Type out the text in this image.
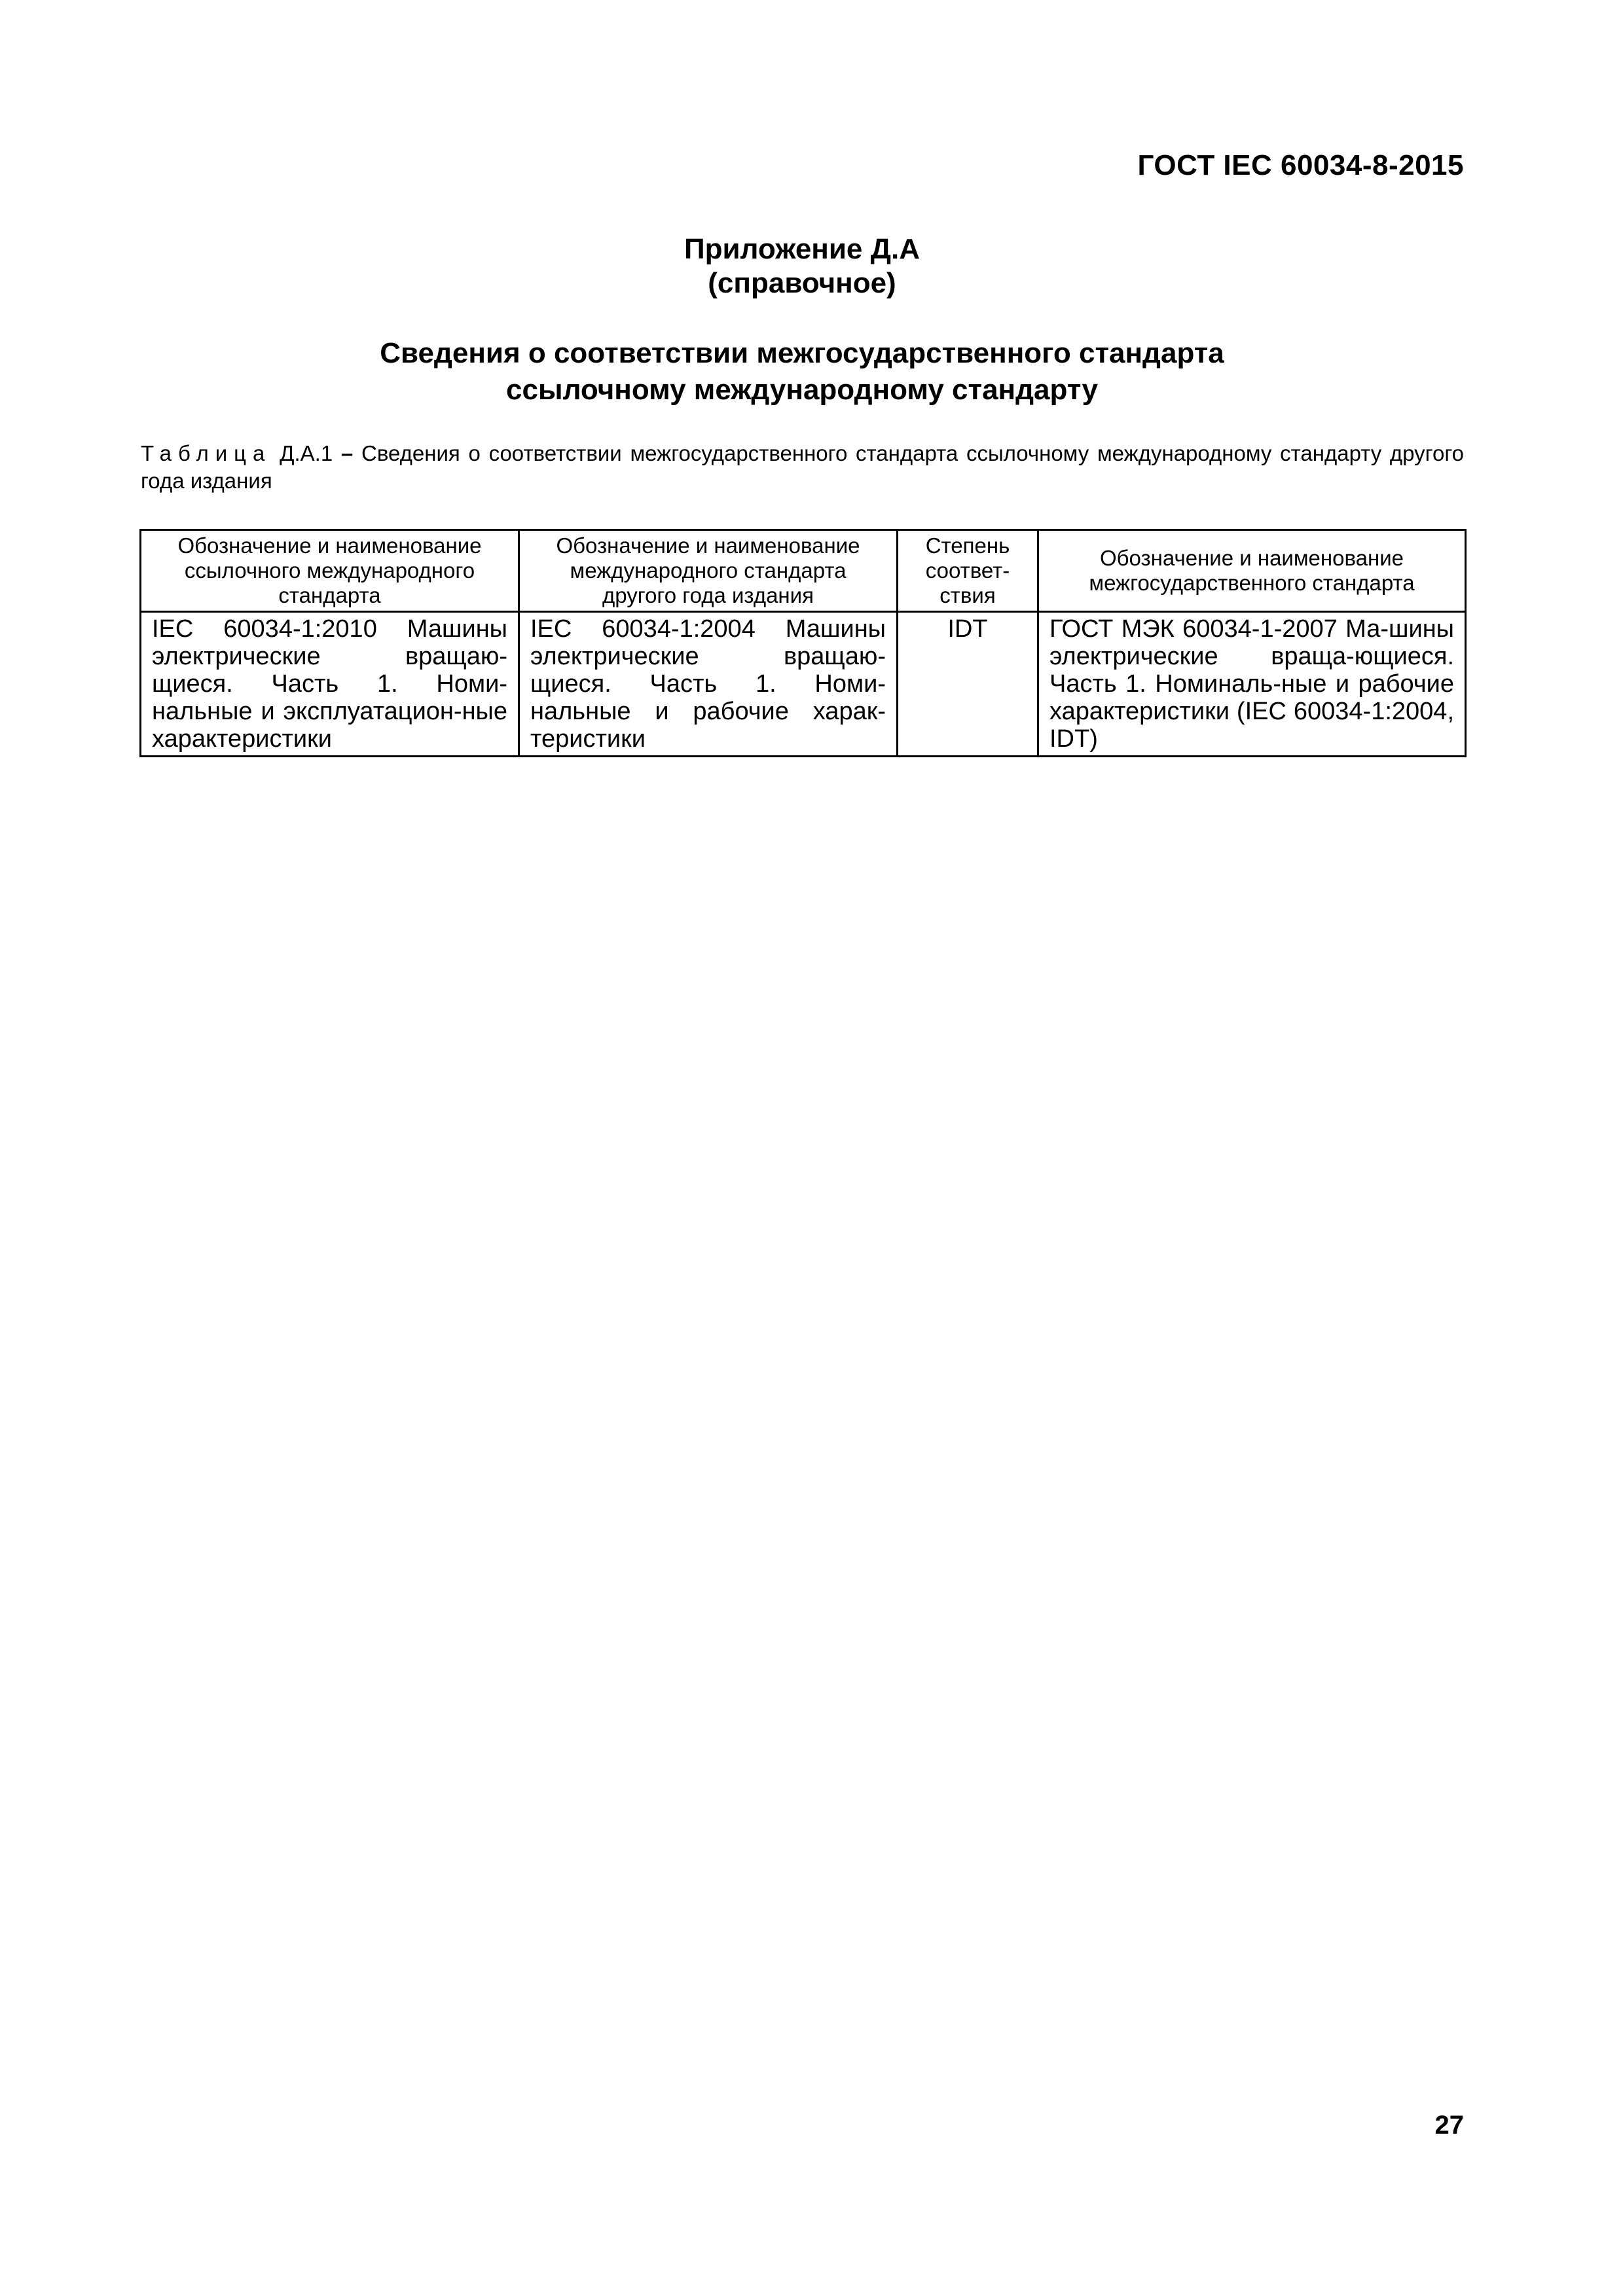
ГОСТ IEC 60034-8-2015
Приложение Д.А
(справочное)
Сведения о соответствии межгосударственного стандарта
ссылочному международному стандарту
Таблица Д.А.1 – Сведения о соответствии межгосударственного стандарта ссылочному международному стандарту другого года издания
Обозначение и наименование ссылочного международного стандарта	Обозначение и наименование международного стандарта другого года издания	Степень соответ-ствия	Обозначение и наименование межгосударственного стандарта
IEC 60034-1:2010 Машины электрические вращаю-щиеся. Часть 1. Номи-нальные и эксплуатацион-ные характеристики	IEC 60034-1:2004 Машины электрические вращаю-щиеся. Часть 1. Номи-нальные и рабочие харак-теристики	IDT	ГОСТ МЭК 60034-1-2007 Ма-шины электрические враща-ющиеся. Часть 1. Номиналь-ные и рабочие характеристики (IEC 60034-1:2004, IDT)
27
